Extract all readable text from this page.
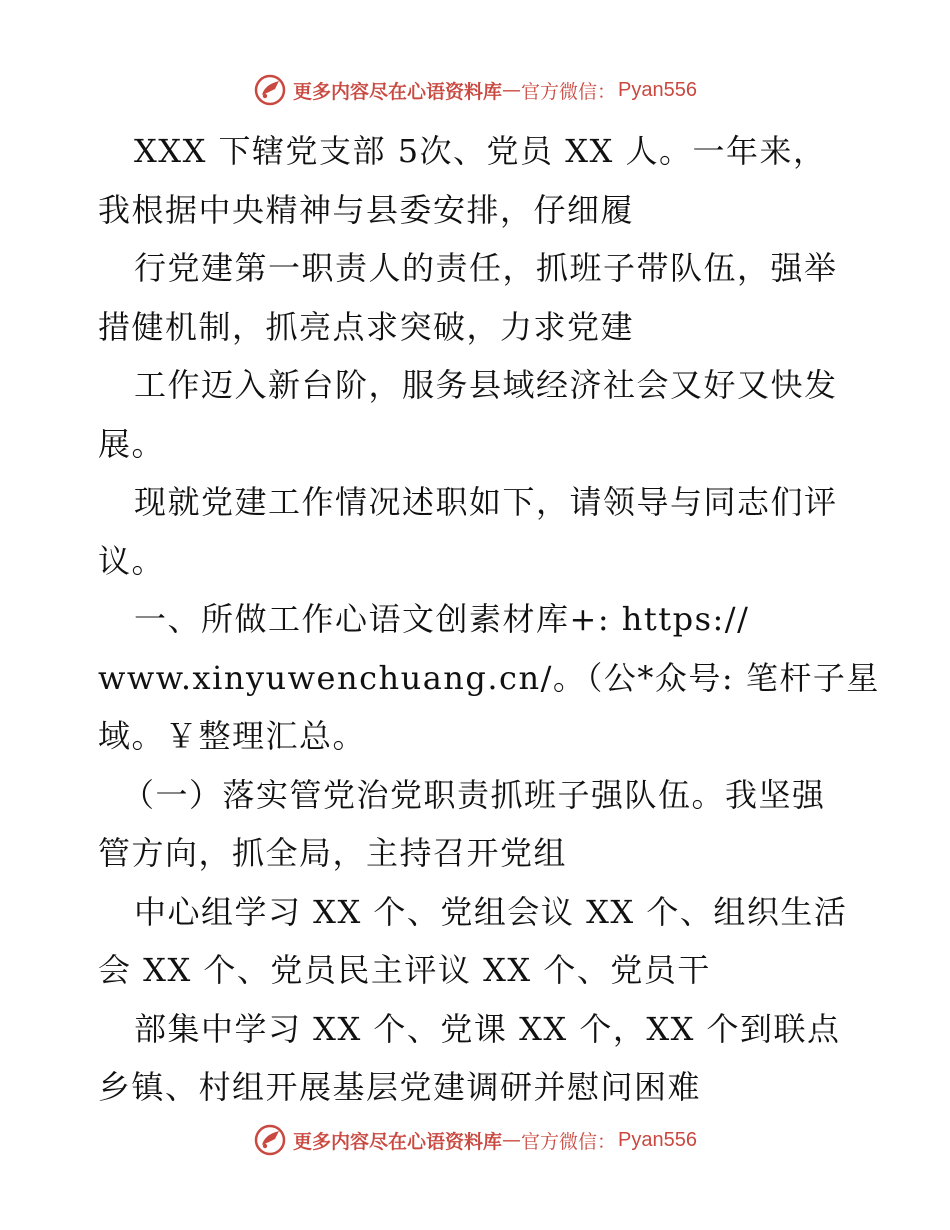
更多内容尽在心语资料库 — 官方微信： Pyan556
XXX 下辖党支部 5次、党员 XX 人。一年来，
我根据中央精神与县委安排，仔细履
行党建第一职责人的责任，抓班子带队伍，强举
措健机制，抓亮点求突破，力求党建
工作迈入新台阶，服务县域经济社会又好又快发
展。
现就党建工作情况述职如下，请领导与同志们评
议。
一、所做工作心语文创素材库+: https://
www.xinyuwenchuang.cn/。（公*众号: 笔杆子星
域。￥整理汇总。
（一）落实管党治党职责抓班子强队伍。我坚强
管方向，抓全局，主持召开党组
中心组学习 XX 个、党组会议 XX 个、组织生活
会 XX 个、党员民主评议 XX 个、党员干
部集中学习 XX 个、党课 XX 个，XX 个到联点
乡镇、村组开展基层党建调研并慰问困难
更多内容尽在心语资料库 — 官方微信： Pyan556
